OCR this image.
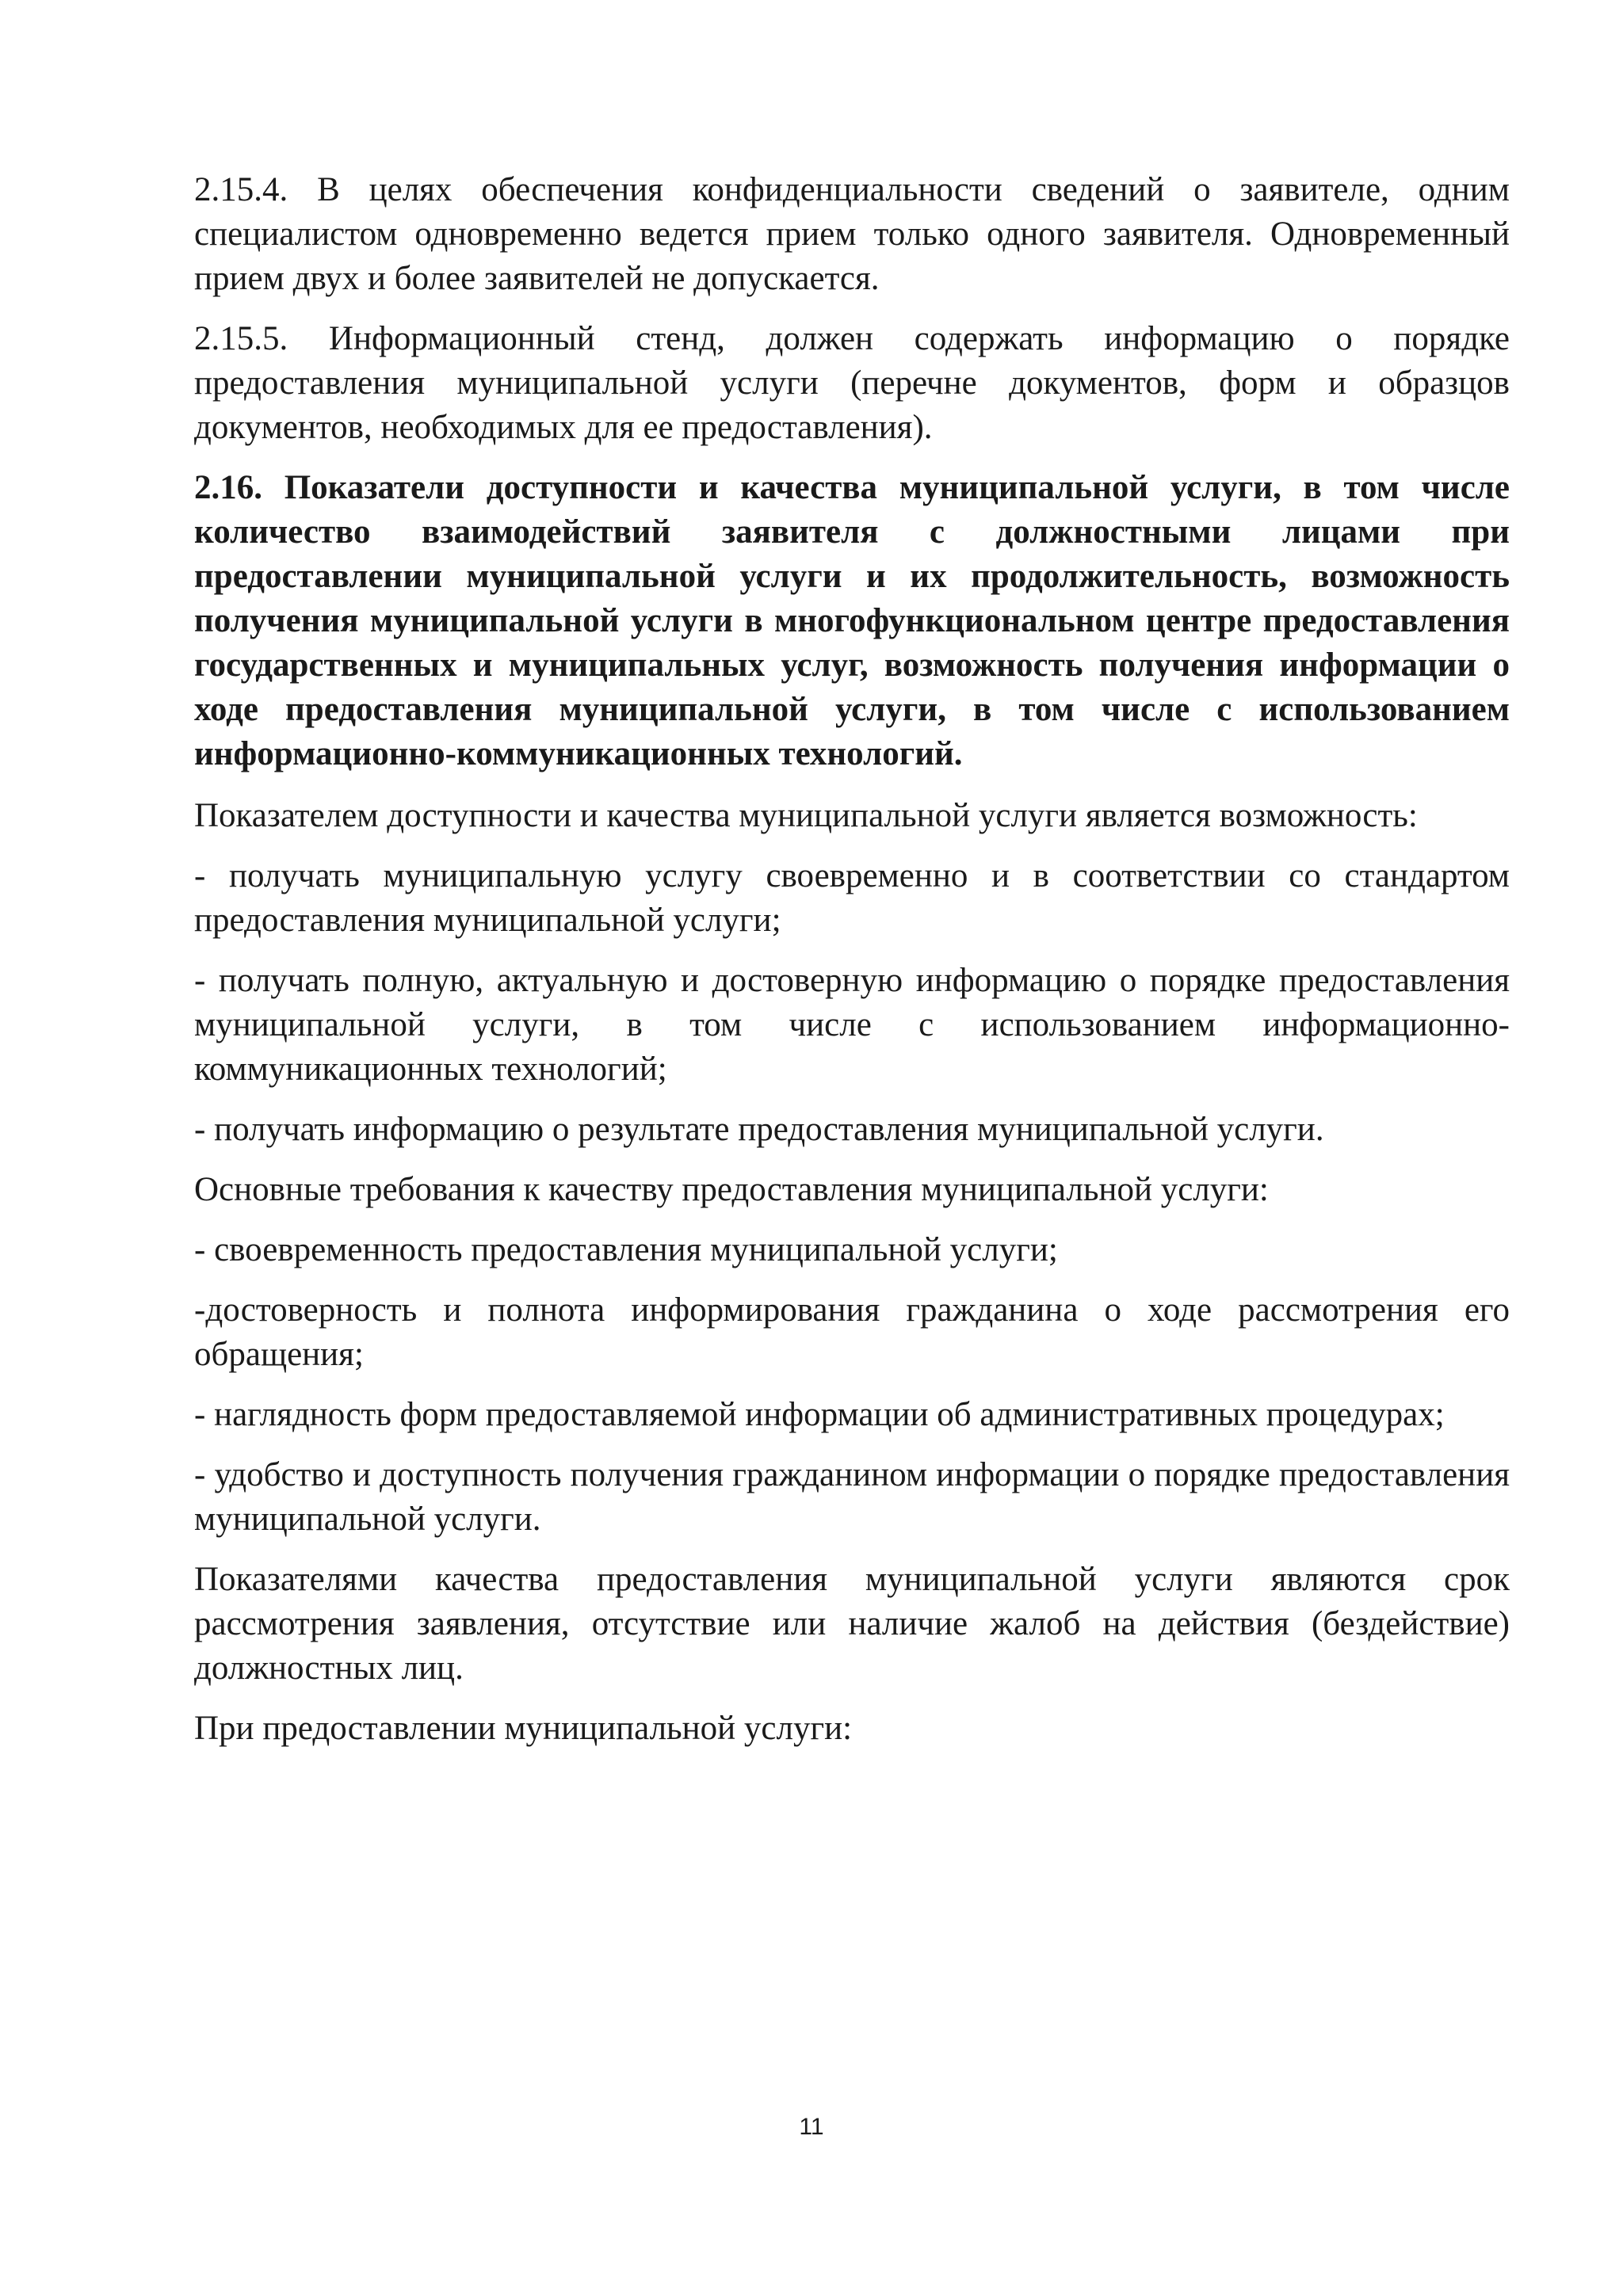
2.15.4. В целях обеспечения конфиденциальности сведений о заявителе, одним специалистом одновременно ведется прием только одного заявителя. Одновременный прием двух и более заявителей не допускается.

2.15.5. Информационный стенд, должен содержать информацию о порядке предоставления муниципальной услуги (перечне документов, форм и образцов документов, необходимых для ее предоставления).

2.16. Показатели доступности и качества муниципальной услуги, в том числе количество взаимодействий заявителя с должностными лицами при предоставлении муниципальной услуги и их продолжительность, возможность получения муниципальной услуги в многофункциональном центре предоставления государственных и муниципальных услуг, возможность получения информации о ходе предоставления муниципальной услуги, в том числе с использованием информационно-коммуникационных технологий.

Показателем доступности и качества муниципальной услуги является возможность:

- получать муниципальную услугу своевременно и в соответствии со стандартом предоставления муниципальной услуги;

- получать полную, актуальную и достоверную информацию о порядке предоставления муниципальной услуги, в том числе с использованием информационно-коммуникационных технологий;

- получать информацию о результате предоставления муниципальной услуги.

Основные требования к качеству предоставления муниципальной услуги:

- своевременность предоставления муниципальной услуги;

-достоверность и полнота информирования гражданина о ходе рассмотрения его обращения;

- наглядность форм предоставляемой информации об административных процедурах;

- удобство и доступность получения гражданином информации о порядке предоставления муниципальной услуги.

Показателями качества предоставления муниципальной услуги являются срок рассмотрения заявления, отсутствие или наличие жалоб на действия (бездействие) должностных лиц.

При предоставлении муниципальной услуги:

11
